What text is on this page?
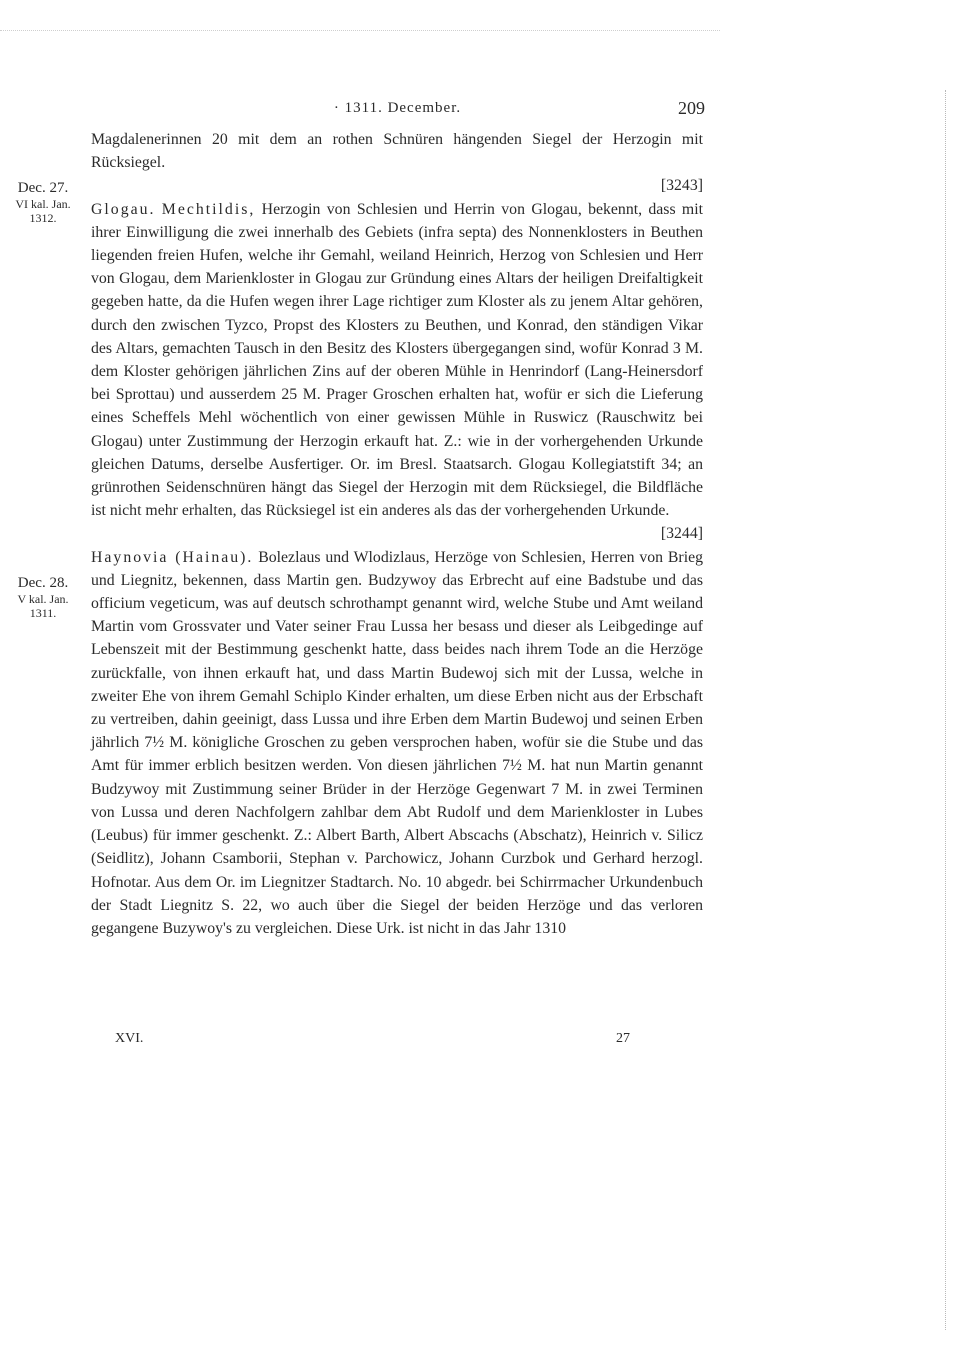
· 1311. December.	209
Dec. 27.
VI kal. Jan.
1312.
Dec. 28.
V kal. Jan.
1311.

Magdalenerinnen 20 mit dem an rothen Schnüren hängenden Siegel der Herzogin mit Rücksiegel.
[3243]

Glogau. Mechtildis, Herzogin von Schlesien und Herrin von Glogau, bekennt, dass mit ihrer Einwilligung die zwei innerhalb des Gebiets (infra septa) des Nonnenklosters in Beuthen liegenden freien Hufen, welche ihr Gemahl, weiland Heinrich, Herzog von Schlesien und Herr von Glogau, dem Marienkloster in Glogau zur Gründung eines Altars der heiligen Dreifaltigkeit gegeben hatte, da die Hufen wegen ihrer Lage richtiger zum Kloster als zu jenem Altar gehören, durch den zwischen Tyzco, Propst des Klosters zu Beuthen, und Konrad, den ständigen Vikar des Altars, gemachten Tausch in den Besitz des Klosters übergegangen sind, wofür Konrad 3 M. dem Kloster gehörigen jährlichen Zins auf der oberen Mühle in Henrindorf (Lang-Heinersdorf bei Sprottau) und ausserdem 25 M. Prager Groschen erhalten hat, wofür er sich die Lieferung eines Scheffels Mehl wöchentlich von einer gewissen Mühle in Ruswicz (Rauschwitz bei Glogau) unter Zustimmung der Herzogin erkauft hat. Z.: wie in der vorhergehenden Urkunde gleichen Datums, derselbe Ausfertiger. Or. im Bresl. Staatsarch. Glogau Kollegiatstift 34; an grünrothen Seidenschnüren hängt das Siegel der Herzogin mit dem Rücksiegel, die Bildfläche ist nicht mehr erhalten, das Rücksiegel ist ein anderes als das der vorhergehenden Urkunde.
[3244]

Haynovia (Hainau). Bolezlaus und Wlodizlaus, Herzöge von Schlesien, Herren von Brieg und Liegnitz, bekennen, dass Martin gen. Budzywoy das Erbrecht auf eine Badstube und das officium vegeticum, was auf deutsch schrothampt genannt wird, welche Stube und Amt weiland Martin vom Grossvater und Vater seiner Frau Lussa her besass und dieser als Leibgedinge auf Lebenszeit mit der Bestimmung geschenkt hatte, dass beides nach ihrem Tode an die Herzöge zurückfalle, von ihnen erkauft hat, und dass Martin Budewoj sich mit der Lussa, welche in zweiter Ehe von ihrem Gemahl Schiplo Kinder erhalten, um diese Erben nicht aus der Erbschaft zu vertreiben, dahin geeinigt, dass Lussa und ihre Erben dem Martin Budewoj und seinen Erben jährlich 7½ M. königliche Groschen zu geben versprochen haben, wofür sie die Stube und das Amt für immer erblich besitzen werden. Von diesen jährlichen 7½ M. hat nun Martin genannt Budzywoy mit Zustimmung seiner Brüder in der Herzöge Gegenwart 7 M. in zwei Terminen von Lussa und deren Nachfolgern zahlbar dem Abt Rudolf und dem Marienkloster in Lubes (Leubus) für immer geschenkt. Z.: Albert Barth, Albert Abscachs (Abschatz), Heinrich v. Silicz (Seidlitz), Johann Csamborii, Stephan v. Parchowicz, Johann Curzbok und Gerhard herzogl. Hofnotar. Aus dem Or. im Liegnitzer Stadtarch. No. 10 abgedr. bei Schirrmacher Urkundenbuch der Stadt Liegnitz S. 22, wo auch über die Siegel der beiden Herzöge und das verloren gegangene Buzywoy's zu vergleichen. Diese Urk. ist nicht in das Jahr 1310

XVI.	27
